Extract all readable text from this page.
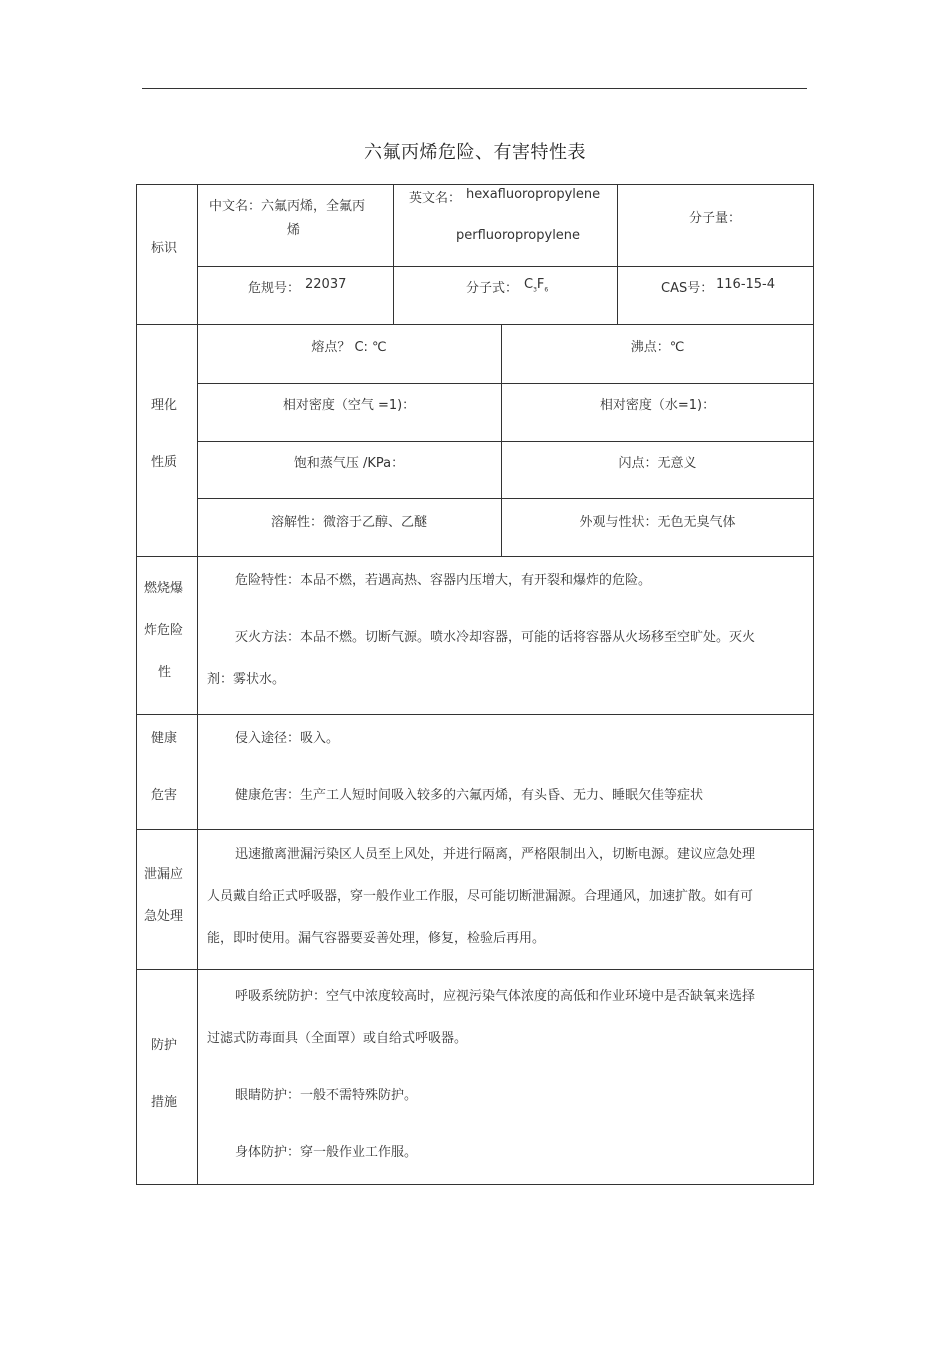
六氟丙烯危险、有害特性表
标识
中文名：六氟丙烯，全氟丙
烯
英文名： hexafluoropropylene
perfluoropropylene
分子量：
危规号： 22037	分子式： $C_3F_6$	CAS号： 116-15-4
理化
性质
熔点？ C: ℃	沸点：℃
相对密度（空气 =1)：	相对密度（水=1)：
饱和蒸气压 /KPa：	闪点：无意义
溶解性：微溶于乙醇、乙醚	外观与性状：无色无臭气体
燃烧爆
炸危险
性
危险特性：本品不燃，若遇高热、容器内压增大，有开裂和爆炸的危险。
灭火方法：本品不燃。切断气源。喷水冷却容器，可能的话将容器从火场移至空旷处。灭火
剂：雾状水。
健康
危害
侵入途径：吸入。
健康危害：生产工人短时间吸入较多的六氟丙烯，有头昏、无力、睡眠欠佳等症状
泄漏应
急处理
迅速撤离泄漏污染区人员至上风处，并进行隔离，严格限制出入，切断电源。建议应急处理
人员戴自给正式呼吸器，穿一般作业工作服，尽可能切断泄漏源。合理通风，加速扩散。如有可
能，即时使用。漏气容器要妥善处理，修复，检验后再用。
防护
措施
呼吸系统防护：空气中浓度较高时，应视污染气体浓度的高低和作业环境中是否缺氧来选择
过滤式防毒面具（全面罩）或自给式呼吸器。
眼睛防护：一般不需特殊防护。
身体防护：穿一般作业工作服。
